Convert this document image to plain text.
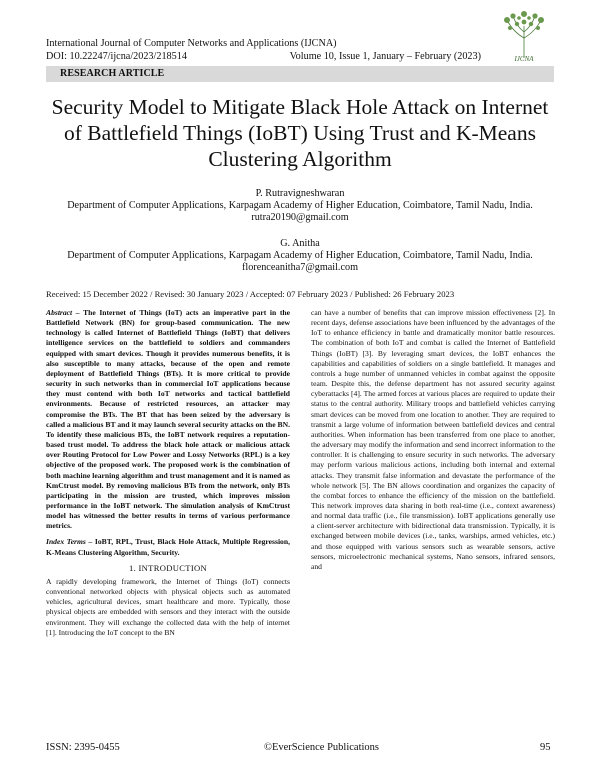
International Journal of Computer Networks and Applications (IJCNA)
DOI: 10.22247/ijcna/2023/218514	Volume 10, Issue 1, January – February (2023)	IJCNA
RESEARCH ARTICLE
Security Model to Mitigate Black Hole Attack on Internet of Battlefield Things (IoBT) Using Trust and K-Means Clustering Algorithm
P. Rutravigneshwaran
Department of Computer Applications, Karpagam Academy of Higher Education, Coimbatore, Tamil Nadu, India.
rutra20190@gmail.com
G. Anitha
Department of Computer Applications, Karpagam Academy of Higher Education, Coimbatore, Tamil Nadu, India.
florenceanitha7@gmail.com
Received: 15 December 2022 / Revised: 30 January 2023 / Accepted: 07 February 2023 / Published: 26 February 2023

Abstract – The Internet of Things (IoT) acts an imperative part in the Battlefield Network (BN) for group-based communication. The new technology is called Internet of Battlefield Things (IoBT) that delivers intelligence services on the battlefield to soldiers and commanders equipped with smart devices. Though it provides numerous benefits, it is also susceptible to many attacks, because of the open and remote deployment of Battlefield Things (BTs). It is more critical to provide security in such networks than in commercial IoT applications because they must contend with both IoT networks and tactical battlefield environments. Because of restricted resources, an attacker may compromise the BTs. The BT that has been seized by the adversary is called a malicious BT and it may launch several security attacks on the BN. To identify these malicious BTs, the IoBT network requires a reputation-based trust model. To address the black hole attack or malicious attack over Routing Protocol for Low Power and Lossy Networks (RPL) is a key objective of the proposed work. The proposed work is the combination of both machine learning algorithm and trust management and it is named as KmCtrust model. By removing malicious BTs from the network, only BTs participating in the mission are trusted, which improves mission performance in the IoBT network. The simulation analysis of KmCtrust model has witnessed the better results in terms of various performance metrics.

Index Terms – IoBT, RPL, Trust, Black Hole Attack, Multiple Regression, K-Means Clustering Algorithm, Security.

1. INTRODUCTION

A rapidly developing framework, the Internet of Things (IoT) connects conventional networked objects with physical objects such as automated vehicles, agricultural devices, smart healthcare and more. Typically, those physical objects are embedded with sensors and they interact with the outside environment. They will exchange the collected data with the help of internet [1]. Introducing the IoT concept to the BN

can have a number of benefits that can improve mission effectiveness [2]. In recent days, defense associations have been influenced by the advantages of the IoT to enhance efficiency in battle and dramatically monitor battle resources. The combination of both IoT and combat is called the Internet of Battlefield Things (IoBT) [3]. By leveraging smart devices, the IoBT enhances the capabilities and capabilities of soldiers on a single battlefield. It manages and controls a huge number of unmanned vehicles in combat against the opposite team. Despite this, the defense department has not assured security against cyberattacks [4]. The armed forces at various places are required to update their status to the central authority. Military troops and battlefield vehicles carrying smart devices can be moved from one location to another. They are required to transmit a large volume of information between battlefield devices and central authorities. When information has been transferred from one place to another, the adversary may modify the information and send incorrect information to the controller. It is challenging to ensure security in such networks. The adversary may perform various malicious actions, including both internal and external attacks. They transmit false information and devastate the performance of the whole network [5]. The BN allows coordination and organizes the capacity of the combat forces to enhance the efficiency of the mission on the battlefield. This network improves data sharing in both real-time (i.e., context awareness) and normal data traffic (i.e., file transmission). IoBT applications generally use a client-server architecture with bidirectional data transmission. Typically, it is exchanged between mobile devices (i.e., tanks, warships, armed vehicles, etc.) and those equipped with various sensors such as wearable sensors, active sensors, microelectronic mechanical systems, Nano sensors, infrared sensors, and

ISSN: 2395-0455	©EverScience Publications	95
